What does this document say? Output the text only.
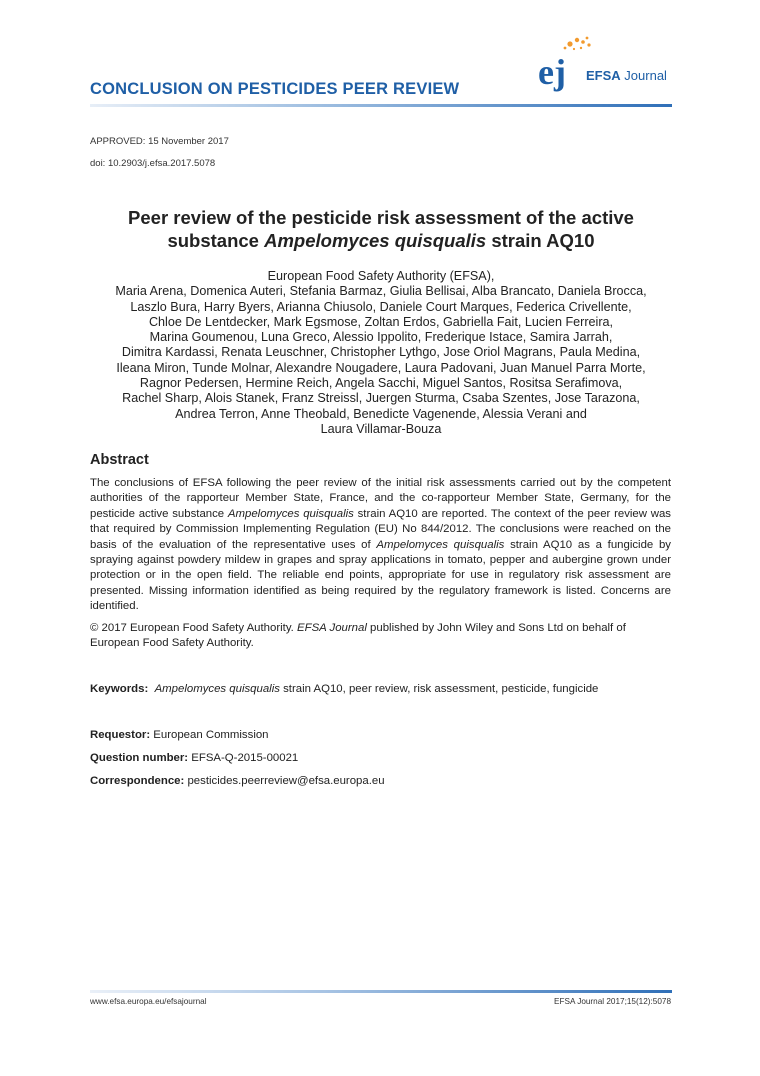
CONCLUSION ON PESTICIDES PEER REVIEW ej EFSA Journal
APPROVED: 15 November 2017
doi: 10.2903/j.efsa.2017.5078
Peer review of the pesticide risk assessment of the active
substance Ampelomyces quisqualis strain AQ10
European Food Safety Authority (EFSA),
Maria Arena, Domenica Auteri, Stefania Barmaz, Giulia Bellisai, Alba Brancato, Daniela Brocca,
Laszlo Bura, Harry Byers, Arianna Chiusolo, Daniele Court Marques, Federica Crivellente,
Chloe De Lentdecker, Mark Egsmose, Zoltan Erdos, Gabriella Fait, Lucien Ferreira,
Marina Goumenou, Luna Greco, Alessio Ippolito, Frederique Istace, Samira Jarrah,
Dimitra Kardassi, Renata Leuschner, Christopher Lythgo, Jose Oriol Magrans, Paula Medina,
Ileana Miron, Tunde Molnar, Alexandre Nougadere, Laura Padovani, Juan Manuel Parra Morte,
Ragnor Pedersen, Hermine Reich, Angela Sacchi, Miguel Santos, Rositsa Serafimova,
Rachel Sharp, Alois Stanek, Franz Streissl, Juergen Sturma, Csaba Szentes, Jose Tarazona,
Andrea Terron, Anne Theobald, Benedicte Vagenende, Alessia Verani and
Laura Villamar-Bouza
Abstract
The conclusions of EFSA following the peer review of the initial risk assessments carried out by the competent authorities of the rapporteur Member State, France, and the co-rapporteur Member State, Germany, for the pesticide active substance Ampelomyces quisqualis strain AQ10 are reported. The context of the peer review was that required by Commission Implementing Regulation (EU) No 844/2012. The conclusions were reached on the basis of the evaluation of the representative uses of Ampelomyces quisqualis strain AQ10 as a fungicide by spraying against powdery mildew in grapes and spray applications in tomato, pepper and aubergine grown under protection or in the open field. The reliable end points, appropriate for use in regulatory risk assessment are presented. Missing information identified as being required by the regulatory framework is listed. Concerns are identified.
© 2017 European Food Safety Authority. EFSA Journal published by John Wiley and Sons Ltd on behalf of European Food Safety Authority.
Keywords: Ampelomyces quisqualis strain AQ10, peer review, risk assessment, pesticide, fungicide
Requestor: European Commission
Question number: EFSA-Q-2015-00021
Correspondence: pesticides.peerreview@efsa.europa.eu
www.efsa.europa.eu/efsajournal	EFSA Journal 2017;15(12):5078
